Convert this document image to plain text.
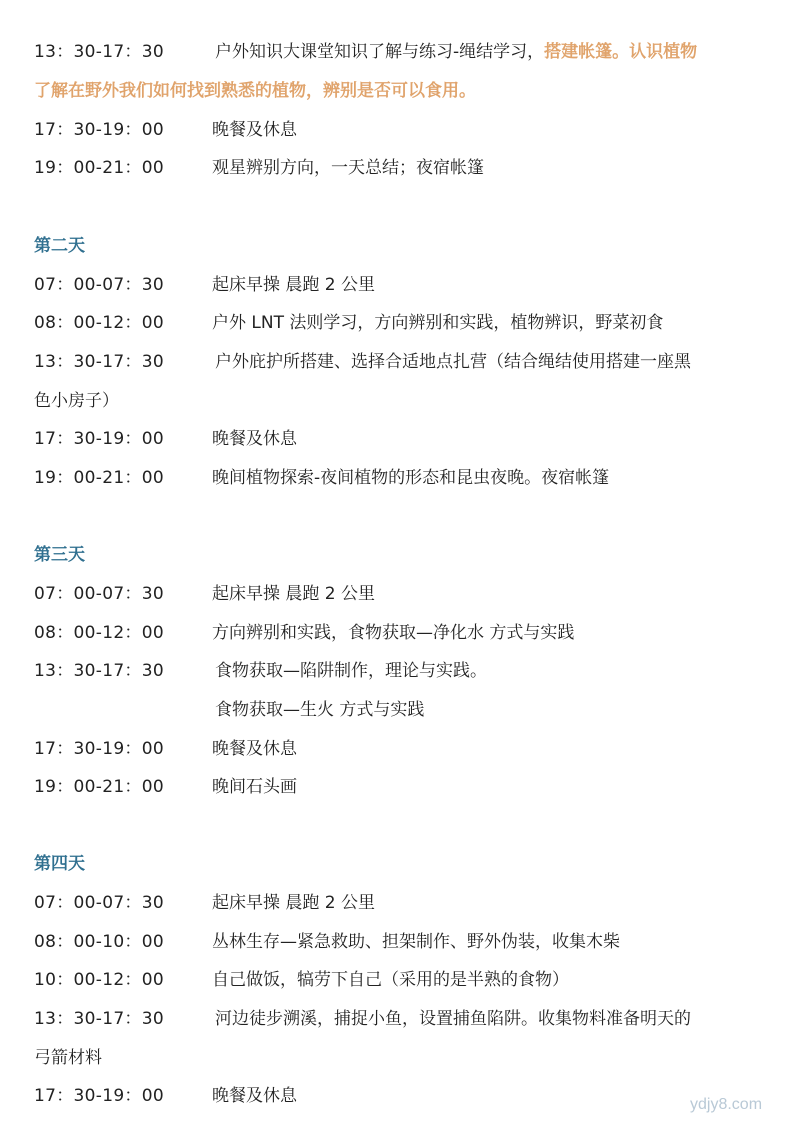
13：30-17：30	户外知识大课堂知识了解与练习-绳结学习，搭建帐篷。认识植物
了解在野外我们如何找到熟悉的植物，辨别是否可以食用。
17：30-19：00	晚餐及休息
19：00-21：00	观星辨别方向，一天总结；夜宿帐篷
第二天
07：00-07：30	起床早操 晨跑 2 公里
08：00-12：00	户外 LNT 法则学习，方向辨别和实践，植物辨识，野菜初食
13：30-17：30	户外庇护所搭建、选择合适地点扎营（结合绳结使用搭建一座黑
色小房子）
17：30-19：00	晚餐及休息
19：00-21：00	晚间植物探索-夜间植物的形态和昆虫夜晚。夜宿帐篷
第三天
07：00-07：30	起床早操 晨跑 2 公里
08：00-12：00	方向辨别和实践，食物获取—净化水 方式与实践
13：30-17：30	食物获取—陷阱制作，理论与实践。
食物获取—生火 方式与实践
17：30-19：00	晚餐及休息
19：00-21：00	晚间石头画
第四天
07：00-07：30	起床早操 晨跑 2 公里
08：00-10：00	丛林生存—紧急救助、担架制作、野外伪装，收集木柴
10：00-12：00	自己做饭，犒劳下自己（采用的是半熟的食物）
13：30-17：30	河边徒步溯溪，捕捉小鱼，设置捕鱼陷阱。收集物料准备明天的
弓箭材料
17：30-19：00	晚餐及休息	ydjy8.com
